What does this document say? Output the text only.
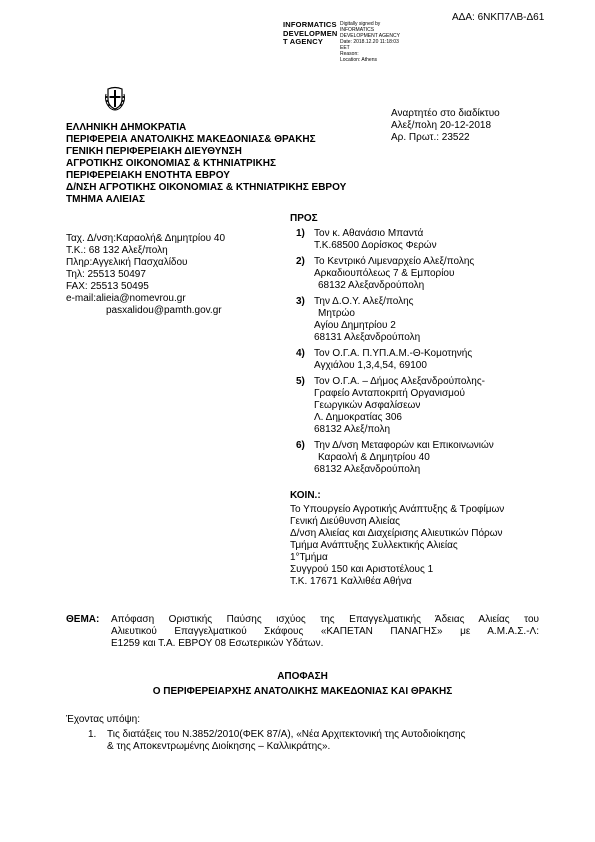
ΑΔΑ: 6ΝΚΠ7ΛΒ-Δ61
INFORMATICS
DEVELOPMEN
T AGENCY
Digitally signed by
INFORMATICS
DEVELOPMENT AGENCY
Date: 2018.12.20 11:18:03
EET
Reason:
Location: Athens
ΕΛΛΗΝΙΚΗ ΔΗΜΟΚΡΑΤΙΑ
ΠΕΡΙΦΕΡΕΙΑ ΑΝΑΤΟΛΙΚΗΣ ΜΑΚΕΔΟΝΙΑΣ& ΘΡΑΚΗΣ
ΓΕΝΙΚΗ ΠΕΡΙΦΕΡΕΙΑΚΗ ΔΙΕΥΘΥΝΣΗ
ΑΓΡΟΤΙΚΗΣ ΟΙΚΟΝΟΜΙΑΣ & ΚΤΗΝΙΑΤΡΙΚΗΣ
ΠΕΡΙΦΕΡΕΙΑΚΗ ΕΝΟΤΗΤΑ ΕΒΡΟΥ
Δ/ΝΣΗ ΑΓΡΟΤΙΚΗΣ ΟΙΚΟΝΟΜΙΑΣ & ΚΤΗΝΙΑΤΡΙΚΗΣ ΕΒΡΟΥ
ΤΜΗΜΑ ΑΛΙΕΙΑΣ
Αναρτητέο στο διαδίκτυο
Αλεξ/πολη 20-12-2018
Αρ. Πρωτ.: 23522
Ταχ. Δ/νση:Καραολή& Δημητρίου 40
Τ.Κ.: 68 132 Αλεξ/πολη
Πληρ:Αγγελική Πασχαλίδου
Τηλ: 25513 50497
FAX: 25513 50495
e-mail:alieia@nomevrou.gr
pasxalidou@pamth.gov.gr
ΠΡΟΣ
1) Τον κ. Αθανάσιο Μπαντά
Τ.Κ.68500 Δορίσκος Φερών
2) Το Κεντρικό Λιμεναρχείο Αλεξ/πολης
Αρκαδιουπόλεως 7 & Εμπορίου
68132 Αλεξανδρούπολη
3) Την Δ.Ο.Υ. Αλεξ/πολης
Μητρώο
Αγίου Δημητρίου 2
68131 Αλεξανδρούπολη
4) Τον Ο.Γ.Α. Π.ΥΠ.Α.Μ.-Θ-Κομοτηνής
Αγχιάλου 1,3,4,54, 69100
5) Τον Ο.Γ.Α. – Δήμος Αλεξανδρούπολης-
Γραφείο Ανταποκριτή Οργανισμού
Γεωργικών Ασφαλίσεων
Λ. Δημοκρατίας 306
68132 Αλεξ/πολη
6) Την Δ/νση Μεταφορών και Επικοινωνιών
Καραολή & Δημητρίου 40
68132 Αλεξανδρούπολη
ΚΟΙΝ.:
Το Υπουργείο Αγροτικής Ανάπτυξης & Τροφίμων
Γενική Διεύθυνση Αλιείας
Δ/νση Αλιείας και Διαχείρισης Αλιευτικών Πόρων
Τμήμα Ανάπτυξης Συλλεκτικής Αλιείας
1°Τμήμα
Συγγρού 150 και Αριστοτέλους 1
Τ.Κ. 17671 Καλλιθέα Αθήνα
ΘΕΜΑ: Απόφαση Οριστικής Παύσης ισχύος της Επαγγελματικής Άδειας Αλιείας του
Αλιευτικού Επαγγελματικού Σκάφους «ΚΑΠΕΤΑΝ ΠΑΝΑΓΗΣ» με Α.Μ.Α.Σ.-Λ:
Ε1259 και Τ.Α. ΕΒΡΟΥ 08 Εσωτερικών Υδάτων.
ΑΠΟΦΑΣΗ
Ο ΠΕΡΙΦΕΡΕΙΑΡΧΗΣ ΑΝΑΤΟΛΙΚΗΣ ΜΑΚΕΔΟΝΙΑΣ ΚΑΙ ΘΡΑΚΗΣ
Έχοντας υπόψη:
1. Τις διατάξεις του Ν.3852/2010(ΦΕΚ 87/Α), «Νέα Αρχιτεκτονική της Αυτοδιοίκησης
& της Αποκεντρωμένης Διοίκησης – Καλλικράτης».
